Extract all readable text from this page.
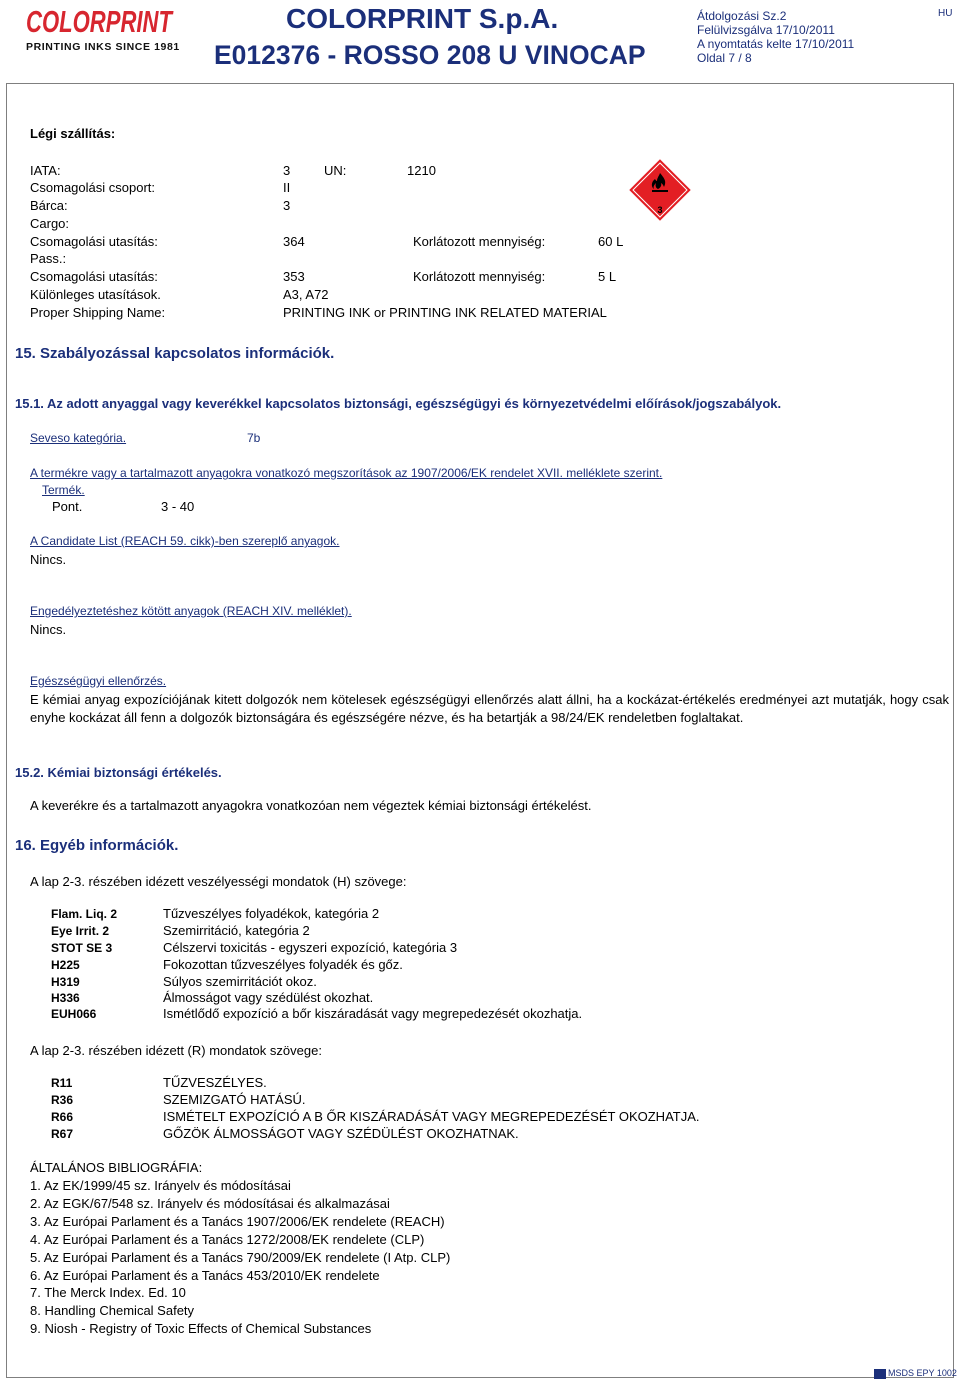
COLORPRINT
PRINTING INKS SINCE 1981
COLORPRINT S.p.A.
E012376 - ROSSO 208 U VINOCAP
Átdolgozási Sz.2
Felülvizsgálva 17/10/2011
A nyomtatás kelte 17/10/2011
Oldal 7 / 8
HU
Légi szállítás:
IATA:	3	UN:	1210
Csomagolási csoport:	II
Bárca:	3
Cargo:
Csomagolási utasítás:	364	Korlátozott mennyiség:	60 L
Pass.:
Csomagolási utasítás:	353	Korlátozott mennyiség:	5 L
Különleges utasítások.	A3, A72
Proper Shipping Name:	PRINTING INK or PRINTING INK RELATED MATERIAL
3
15. Szabályozással kapcsolatos információk.
15.1. Az adott anyaggal vagy keverékkel kapcsolatos biztonsági, egészségügyi és környezetvédelmi előírások/jogszabályok.
Seveso kategória.	7b
A termékre vagy a tartalmazott anyagokra vonatkozó megszorítások az 1907/2006/EK rendelet XVII. melléklete szerint.
Termék.
Pont.	3 - 40
A Candidate List (REACH 59. cikk)-ben szereplő anyagok.
Nincs.
Engedélyeztetéshez kötött anyagok (REACH XIV. melléklet).
Nincs.
Egészségügyi ellenőrzés.
E kémiai anyag expozíciójának kitett dolgozók nem kötelesek egészségügyi ellenőrzés alatt állni, ha a kockázat-értékelés eredményei azt mutatják, hogy csak enyhe kockázat áll fenn a dolgozók biztonságára és egészségére nézve, és ha betartják a 98/24/EK rendeletben foglaltakat.
15.2. Kémiai biztonsági értékelés.
A keverékre és a tartalmazott anyagokra vonatkozóan nem végeztek kémiai biztonsági értékelést.
16. Egyéb információk.
A lap 2-3. részében idézett veszélyességi mondatok (H) szövege:
Flam. Liq. 2	Tűzveszélyes folyadékok, kategória 2
Eye Irrit. 2	Szemirritáció, kategória 2
STOT SE 3	Célszervi toxicitás - egyszeri expozíció, kategória 3
H225	Fokozottan tűzveszélyes folyadék és gőz.
H319	Súlyos szemirritációt okoz.
H336	Álmosságot vagy szédülést okozhat.
EUH066	Ismétlődő expozíció a bőr kiszáradását vagy megrepedezését okozhatja.
A lap 2-3. részében idézett (R) mondatok szövege:
R11	TŰZVESZÉLYES.
R36	SZEMIZGATÓ HATÁSÚ.
R66	ISMÉTELT EXPOZÍCIÓ A B ŐR KISZÁRADÁSÁT VAGY MEGREPEDEZÉSÉT OKOZHATJA.
R67	GŐZÖK ÁLMOSSÁGOT VAGY SZÉDÜLÉST OKOZHATNAK.
ÁLTALÁNOS BIBLIOGRÁFIA:
1. Az EK/1999/45 sz. Irányelv és módosításai
2. Az EGK/67/548 sz. Irányelv és módosításai és alkalmazásai
3. Az Európai Parlament és a Tanács 1907/2006/EK rendelete (REACH)
4. Az Európai Parlament és a Tanács 1272/2008/EK rendelete (CLP)
5. Az Európai Parlament és a Tanács 790/2009/EK rendelete (I Atp. CLP)
6. Az Európai Parlament és a Tanács 453/2010/EK rendelete
7. The Merck Index. Ed. 10
8. Handling Chemical Safety
9. Niosh - Registry of Toxic Effects of Chemical Substances
MSDS EPY 1002
